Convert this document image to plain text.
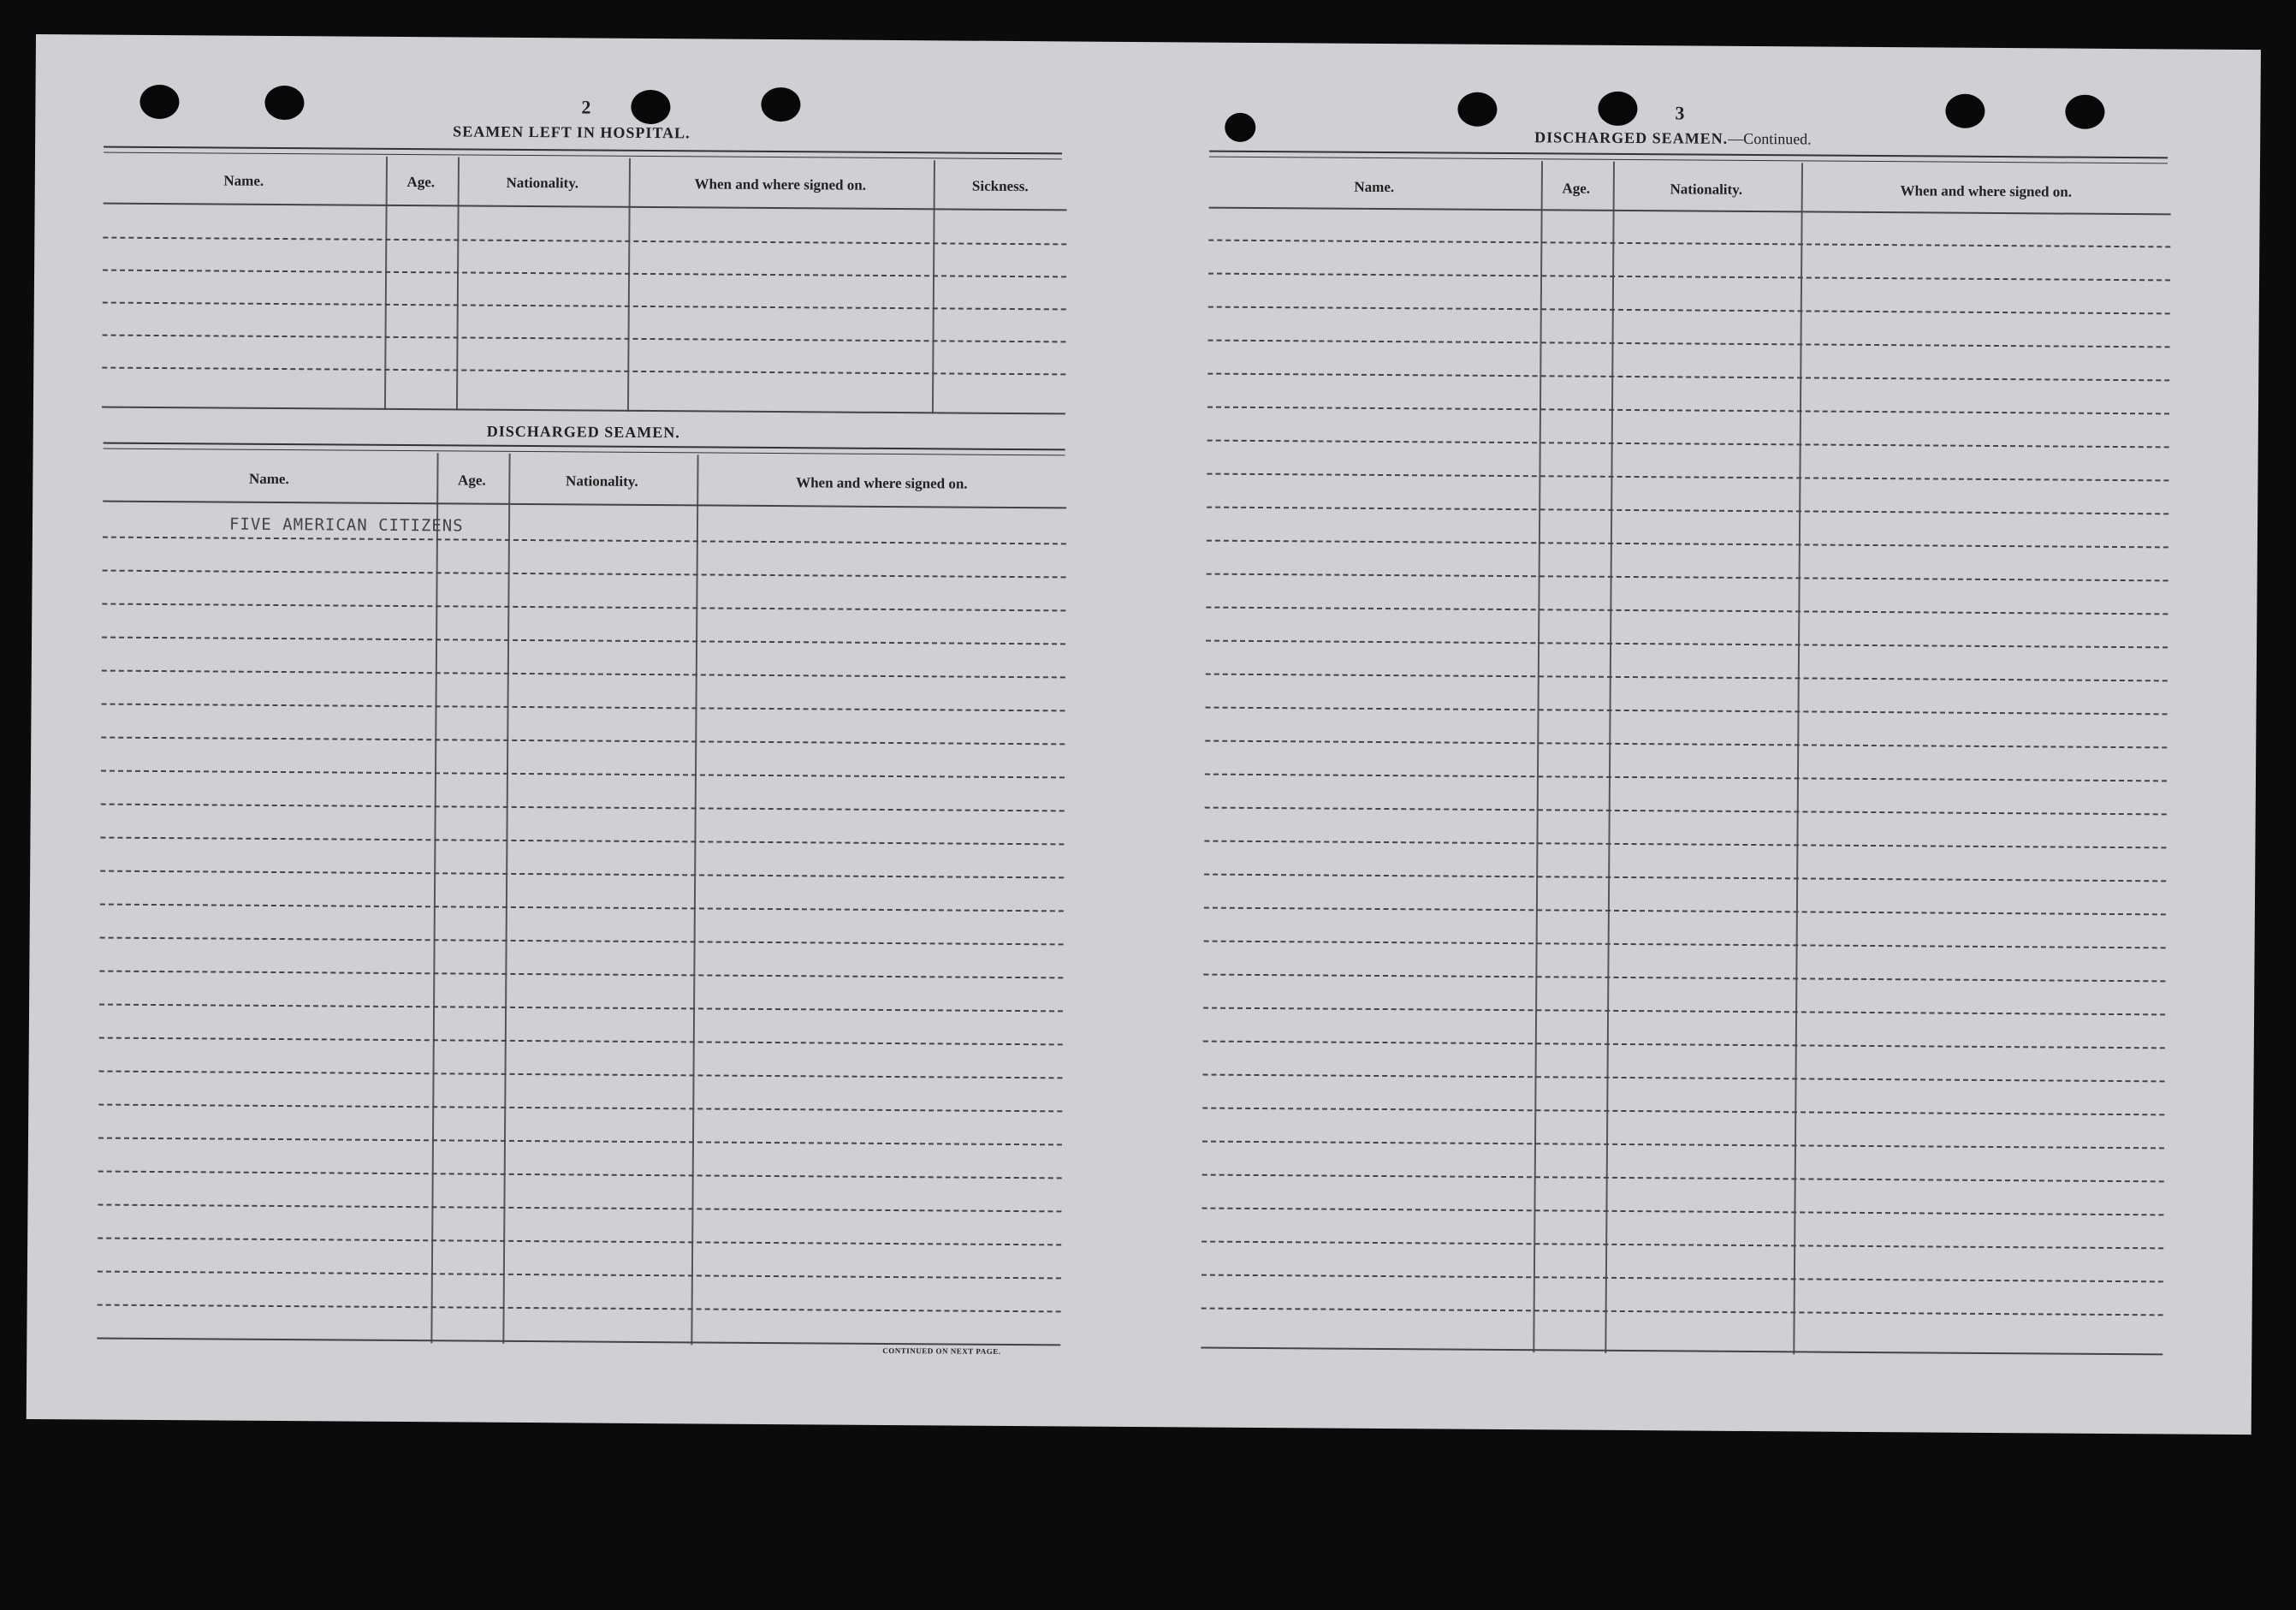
2
SEAMEN LEFT IN HOSPITAL.
Name.	Age.	Nationality.	When and where signed on.	Sickness.
DISCHARGED SEAMEN.
Name.	Age.	Nationality.	When and where signed on.
FIVE AMERICAN CITIZENS
CONTINUED ON NEXT PAGE.
3
DISCHARGED SEAMEN.—Continued.
Name.	Age.	Nationality.	When and where signed on.
